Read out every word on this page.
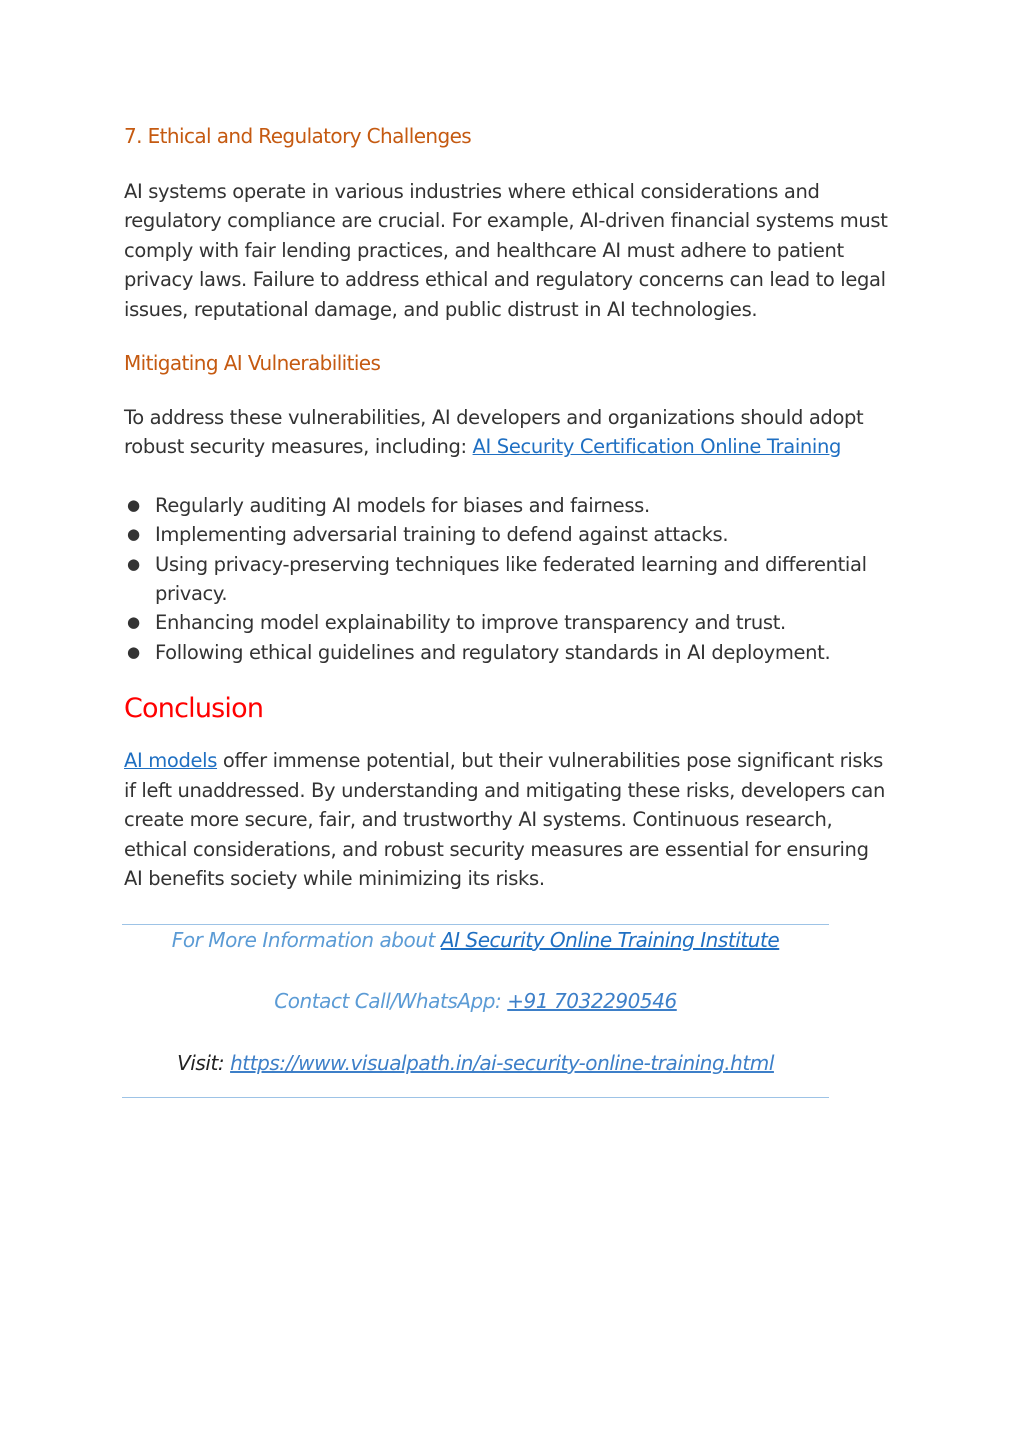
7. Ethical and Regulatory Challenges

AI systems operate in various industries where ethical considerations and
regulatory compliance are crucial. For example, AI-driven financial systems must
comply with fair lending practices, and healthcare AI must adhere to patient
privacy laws. Failure to address ethical and regulatory concerns can lead to legal
issues, reputational damage, and public distrust in AI technologies.

Mitigating AI Vulnerabilities

To address these vulnerabilities, AI developers and organizations should adopt
robust security measures, including: AI Security Certification Online Training

● Regularly auditing AI models for biases and fairness.
● Implementing adversarial training to defend against attacks.
● Using privacy-preserving techniques like federated learning and differential privacy.
● Enhancing model explainability to improve transparency and trust.
● Following ethical guidelines and regulatory standards in AI deployment.
Conclusion

AI models offer immense potential, but their vulnerabilities pose significant risks
if left unaddressed. By understanding and mitigating these risks, developers can
create more secure, fair, and trustworthy AI systems. Continuous research,
ethical considerations, and robust security measures are essential for ensuring
AI benefits society while minimizing its risks.

For More Information about AI Security Online Training Institute
Contact Call/WhatsApp: +91 7032290546
Visit: https://www.visualpath.in/ai-security-online-training.html
